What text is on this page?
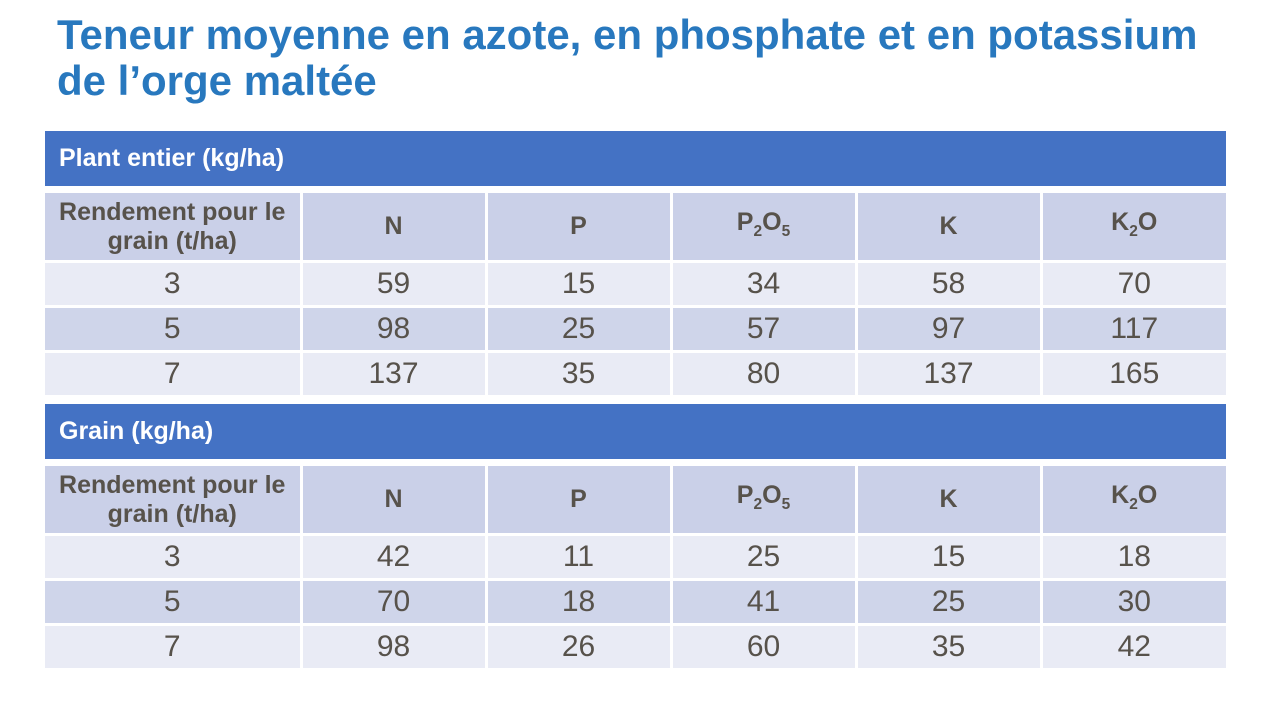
Teneur moyenne en azote, en phosphate et en potassium de l’orge maltée
Plant entier (kg/ha)
Rendement pour le grain (t/ha)	N	P	$P_2O_5$	K	$K_2O$
3	59	15	34	58	70
5	98	25	57	97	117
7	137	35	80	137	165
Grain (kg/ha)
Rendement pour le grain (t/ha)	N	P	$P_2O_5$	K	$K_2O$
3	42	11	25	15	18
5	70	18	41	25	30
7	98	26	60	35	42
